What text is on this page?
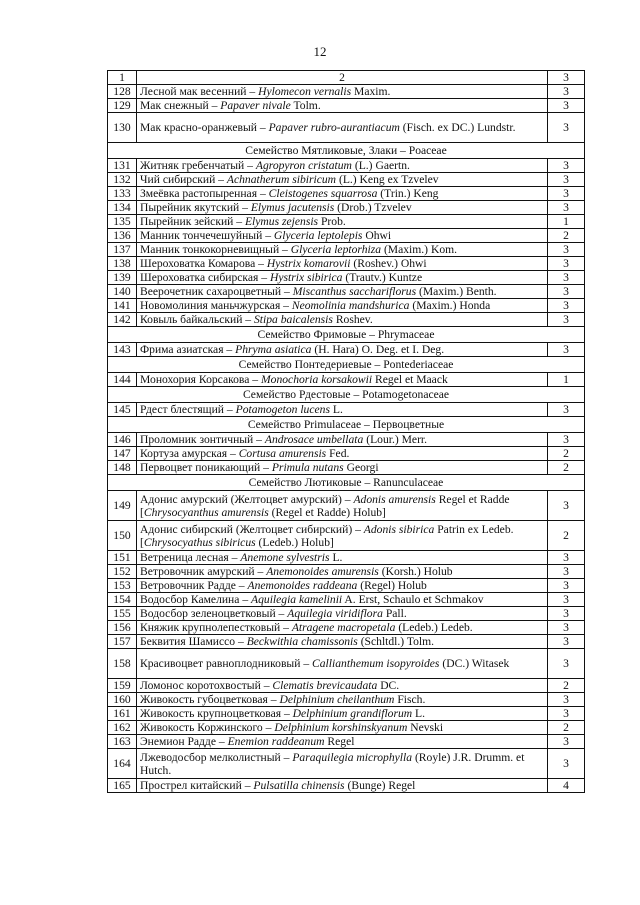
12
1	2	3
128	Лесной мак весенний – Hylomecon vernalis Maxim.	3
129	Мак снежный – Papaver nivale Tolm.	3
130	Мак красно-оранжевый – Papaver rubro-aurantiacum (Fisch. ex DC.) Lundstr.	3
Семейство Мятликовые, Злаки – Poaceae		
131	Житняк гребенчатый – Agropyron cristatum (L.) Gaertn.	3
132	Чий сибирский – Achnatherum sibiricum (L.) Keng ex Tzvelev	3
133	Змеёвка растопыренная – Cleistogenes squarrosa (Trin.) Keng	3
134	Пырейник якутский – Elymus jacutensis (Drob.) Tzvelev	3
135	Пырейник зейский – Elymus zejensis Prob.	1
136	Манник тончечешуйный – Glyceria leptolepis Ohwi	2
137	Манник тонкокорневищный – Glyceria leptorhiza (Maxim.) Kom.	3
138	Шероховатка Комарова – Hystrix komarovii (Roshev.) Ohwi	3
139	Шероховатка сибирская – Hystrix sibirica (Trautv.) Kuntze	3
140	Веерочетник сахароцветный – Miscanthus sacchariflorus (Maxim.) Benth.	3
141	Новомолиния маньчжурская – Neomolinia mandshurica (Maxim.) Honda	3
142	Ковыль байкальский – Stipa baicalensis Roshev.	3
Семейство Фримовые – Phrymaceae		
143	Фрима азиатская – Phryma asiatica (H. Hara) O. Deg. et I. Deg.	3
Семейство Понтедериевые – Pontederiaceae		
144	Монохория Корсакова – Monochoria korsakowii Regel et Maack	1
Семейство Рдестовые – Potamogetonaceae		
145	Рдест блестящий – Potamogeton lucens L.	3
Семейство Primulaceae – Первоцветные		
146	Проломник зонтичный – Androsace umbellata (Lour.) Merr.	3
147	Кортуза амурская – Cortusa amurensis Fed.	2
148	Первоцвет поникающий – Primula nutans Georgi	2
Семейство Лютиковые – Ranunculaceae		
149	Адонис амурский (Желтоцвет амурский) – Adonis amurensis Regel et Radde [Chrysocyanthus amurensis (Regel et Radde) Holub]	3
150	Адонис сибирский (Желтоцвет сибирский) – Adonis sibirica Patrin ex Ledeb. [Chrysocyathus sibiricus (Ledeb.) Holub]	2
151	Ветреница лесная – Anemone sylvestris L.	3
152	Ветровочник амурский – Anemonoides amurensis (Korsh.) Holub	3
153	Ветровочник Радде – Anemonoides raddeana (Regel) Holub	3
154	Водосбор Камелина – Aquilegia kamelinii A. Erst, Schaulo et Schmakov	3
155	Водосбор зеленоцветковый – Aquilegia viridiflora Pall.	3
156	Княжик крупнолепестковый – Atragene macropetala (Ledeb.) Ledeb.	3
157	Беквития Шамиссо – Beckwithia chamissonis (Schltdl.) Tolm.	3
158	Красивоцвет равноплодниковый – Callianthemum isopyroides (DC.) Witasek	3
159	Ломонос коротохвостый – Clematis brevicaudata DC.	2
160	Живокость губоцветковая – Delphinium cheilanthum Fisch.	3
161	Живокость крупноцветковая – Delphinium grandiflorum L.	3
162	Живокость Коржинского – Delphinium korshinskyanum Nevski	2
163	Энемион Радде – Enemion raddeanum Regel	3
164	Лжеводосбор мелколистный – Paraquilegia microphylla (Royle) J.R. Drumm. et Hutch.	3
165	Прострел китайский – Pulsatilla chinensis (Bunge) Regel	4
